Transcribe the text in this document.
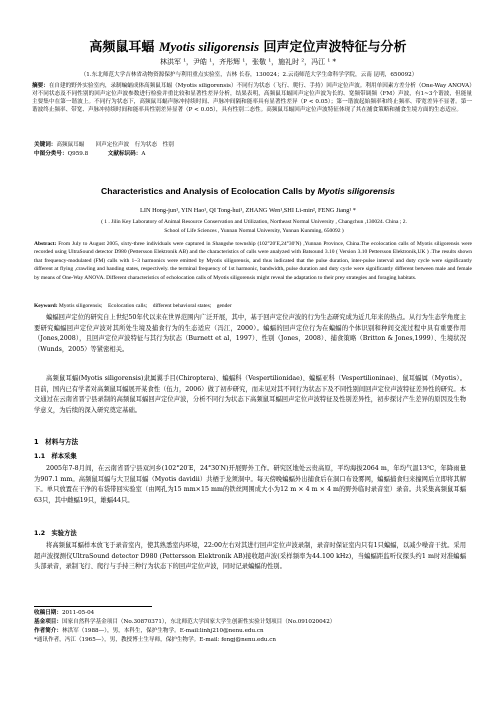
高频鼠耳蝠 Myotis siligorensis 回声定位声波特征与分析
林洪军 ¹，尹皓 ¹，齐彤辉 ¹，张敬 ¹，施礼时 ²，冯江 ¹ *
（1.东北师范大学吉林省动物资源保护与利用重点实验室，吉林 长春，130024；2.云南师范大学生命科学学院，云南 昆明，650092）
摘要：在自建的野外实验室内，录制蝙蝠成体高频鼠耳蝠（Myotis siligorensis）不同行为状态（飞行、爬行、手持）回声定位声波。利用单因素方差分析（One-Way ANOVA）对不同状态及不同性别的回声定位声波参数进行检验并重比较和显著性差异分析，结果表明，高频鼠耳蝠回声定位声波为长的、宽频带调频（FM）声波，有1~3个谐波，但能量主要集中在第一谐波上。不同行为状态下，高频鼠耳蝠声脉冲持续时间、声脉冲间隔和能率具有显著性差异（P < 0.05）；第一谐波起始频率和终止频率、带宽差异不显著。第一谐波终止频率、带宽、声脉冲持续时间和能率具性别差异显著（P < 0.05），具有性别二态性。高频鼠耳蝠回声定位声波特征体现了其在捕食策略和捕食生境方面的生态适应。
关键词：高频鼠耳蝠　　回声定位声波　行为状态　性别
中图分类号：Q959.8	文献标识码：A
Characteristics and Analysis of Ecolocation Calls by Myotis siligorensis
LIN Hong-jun¹, YIN Hao¹, QI Tong-hui¹, ZHANG Wen¹,SHI Li-min², FENG Jiang¹ *
( 1 . Jilin Key Laboratory of Animal Resource Conservation and Utilization, Northeast Normal University , Changchun ,130024. China ; 2.
School of Life Sciences , Yunnan Normal University, Yunnan Kunming, 650092 )
Abstract: From July to August 2005, sixty-three individuals were captured in Shangshe township (102°20′E,24°30′N) ,Yunnan Province, China.The ecolocation calls of Myotis siligorensis were recorded using UltraSound detector D980 (Pettersson Elektronik AB) and the characteristics of calls were analyzed with Batsound 3.10 ( Version 3.10 Pettersson Elektronik,UK ) .The results shown that frequency-modulated (FM) calls with 1~3 harmonics were emitted by Myotis siligorensis, and thus indicated that the pulse duration, inter-pulse interval and duty cycle were significantly different at flying ,crawling and handing states, respectively. the terminal frequency of 1st harmonic, bandwidth, pulse duration and duty cycle were significantly different between male and female by means of One-Way ANOVA. Different characteristics of echolocation calls of Myotis siligorensis might reveal the adaptation to their prey strategies and foraging habitats.
Keyword: Myotis siligorensis;　Ecolocation calls;　different behavioral states;　gender
蝙蝠回声定位的研究自上世纪50年代以来在世界范围内广泛开展，其中，基于回声定位声波的行为生态研究成为近几年来的热点。从行为生态学角度主要研究蝙蝠回声定位声波对其所处生境及捕食行为的生态适应（冯江，2000）。蝙蝠的回声定位行为在蝙蝠的个体识别和种间交流过程中具有重要作用（Jones,2008），且回声定位声波特征与其行为状态（Burnett et al，1997）、性别（Jones，2008）、捕食策略（Britton & Jones,1999）、生境状况（Wunds，2005）等紧密相关。
高频鼠耳蝠(Myotis siligorensis)隶属翼手目(Chiroptera)、蝙蝠科（Vespertilionidae)、蝙蝠亚科（Vespertilioninae)、鼠耳蝠属（Myotis）。目前，国内已有学者对高频鼠耳蝠展开某食性（伍力，2006）做了初步研究，而未见对其不同行为状态下及不同性别间回声定位声波特征差异性的研究。本文通过在云南省晋宁县录制的高频鼠耳蝠回声定位声波，分析不同行为状态下高频鼠耳蝠回声定位声波特征及性别差异性，初步探讨产生差异的原因及生物学意义，为后续的深入研究奠定基础。
1　材料与方法
1.1　样本采集
2005年7-8月间，在云南省晋宁县双河乡(102°20′E，24°30′N)开展野外工作。研究区地处云贵高原，平均海拔2064 m，年均气温13℃，年降雨量为907.1 mm。高频鼠耳蝠与大卫鼠耳蝠（Myotis davidii）共栖于龙须洞中。每天傍晚蝙蝠外出捕食后在洞口布设雾网，蝙蝠捕食归来撞网后立即将其解下。单只放置在干净的布袋带回实验室（由网孔为15 mm×15 mm的铁丝网围成大小为12 m × 4 m × 4 m的野外临时录音室）录音。共采集高频鼠耳蝠63只，其中雌蝠19只，雄蝠44只。
1.2　实验方法
将高频鼠耳蝠样本放飞于录音室内，使其熟悉室内环境，22:00左右对其进行回声定位声波录制，录音时保证室内只有1只蝙蝠，以减少噪音干扰。采用超声波探测仪UltraSound detector D980 (Pettersson Elektronik AB)接收超声波(采样频率为44.100 kHz)，当蝙蝠距监听仪探头约1 m时对准蝙蝠头部录音，录制飞行、爬行与手持三种行为状态下的回声定位声波，同时记录蝙蝠的性别。
收稿日期：2011-05-04
基金项目：国家自然科学基金项目（No.30870371），东北师范大学国家大学生创新性实验计划项目（No.091020042）
作者简介：林洪军（1988—），男，本科生，保护生物学。E-mail:linhj210@nenu.edu.cn
*通讯作者，冯江（1965—），男，教授博士生导师，保护生物学。E-mail: fengj@nenu.edu.cn
